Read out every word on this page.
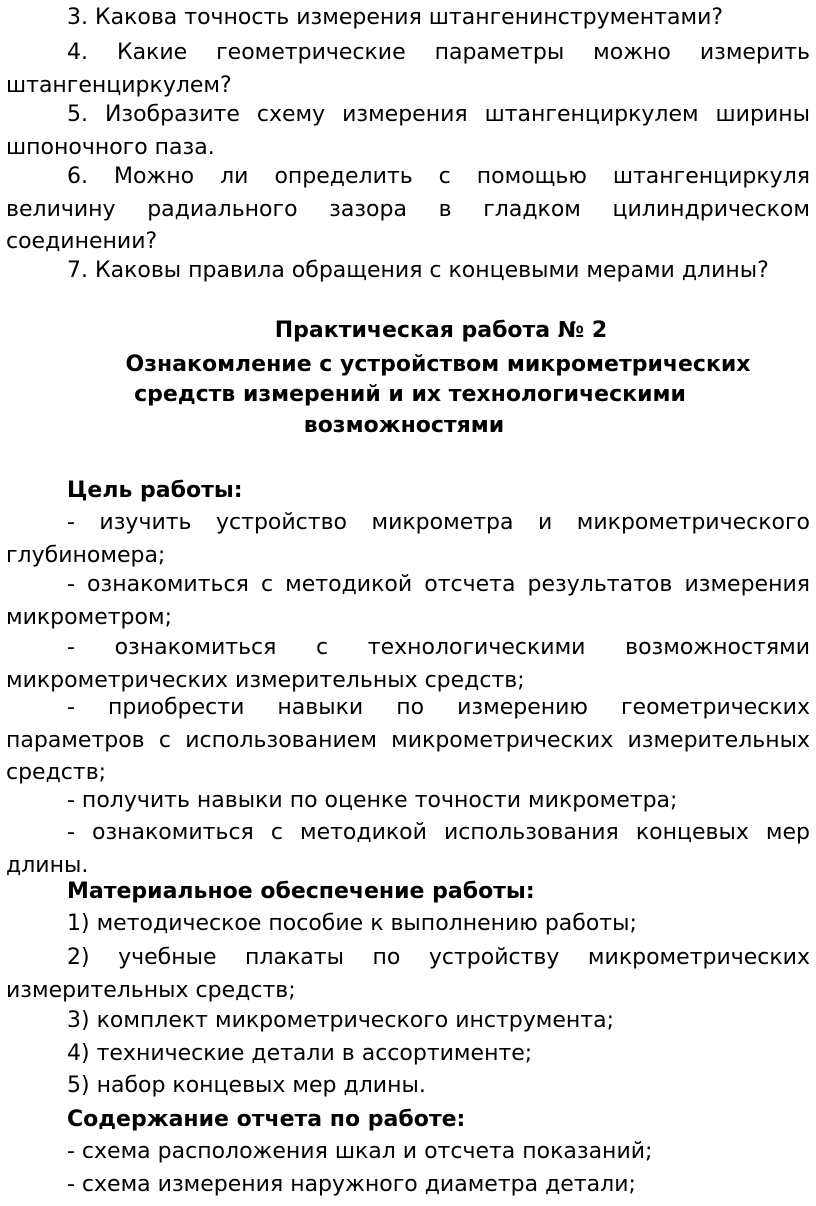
3. Какова точность измерения штангенинструментами?
4. Какие геометрические параметры можно измерить штангенциркулем?
5. Изобразите схему измерения штангенциркулем ширины шпоночного паза.
6. Можно ли определить с помощью штангенциркуля величину радиального зазора в гладком цилиндрическом соединении?
7. Каковы правила обращения с концевыми мерами длины?
Практическая работа № 2
Ознакомление с устройством микрометрических
средств измерений и их технологическими
возможностями
Цель работы:
- изучить устройство микрометра и микрометрического глубиномера;
- ознакомиться с методикой отсчета результатов измерения микрометром;
- ознакомиться с технологическими возможностями микрометрических измерительных средств;
- приобрести навыки по измерению геометрических параметров с использованием микрометрических измерительных средств;
- получить навыки по оценке точности микрометра;
- ознакомиться с методикой использования концевых мер длины.
Материальное обеспечение работы:
1) методическое пособие к выполнению работы;
2) учебные плакаты по устройству микрометрических измерительных средств;
3) комплект микрометрического инструмента;
4) технические детали в ассортименте;
5) набор концевых мер длины.
Содержание отчета по работе:
- схема расположения шкал и отсчета показаний;
- схема измерения наружного диаметра детали;
